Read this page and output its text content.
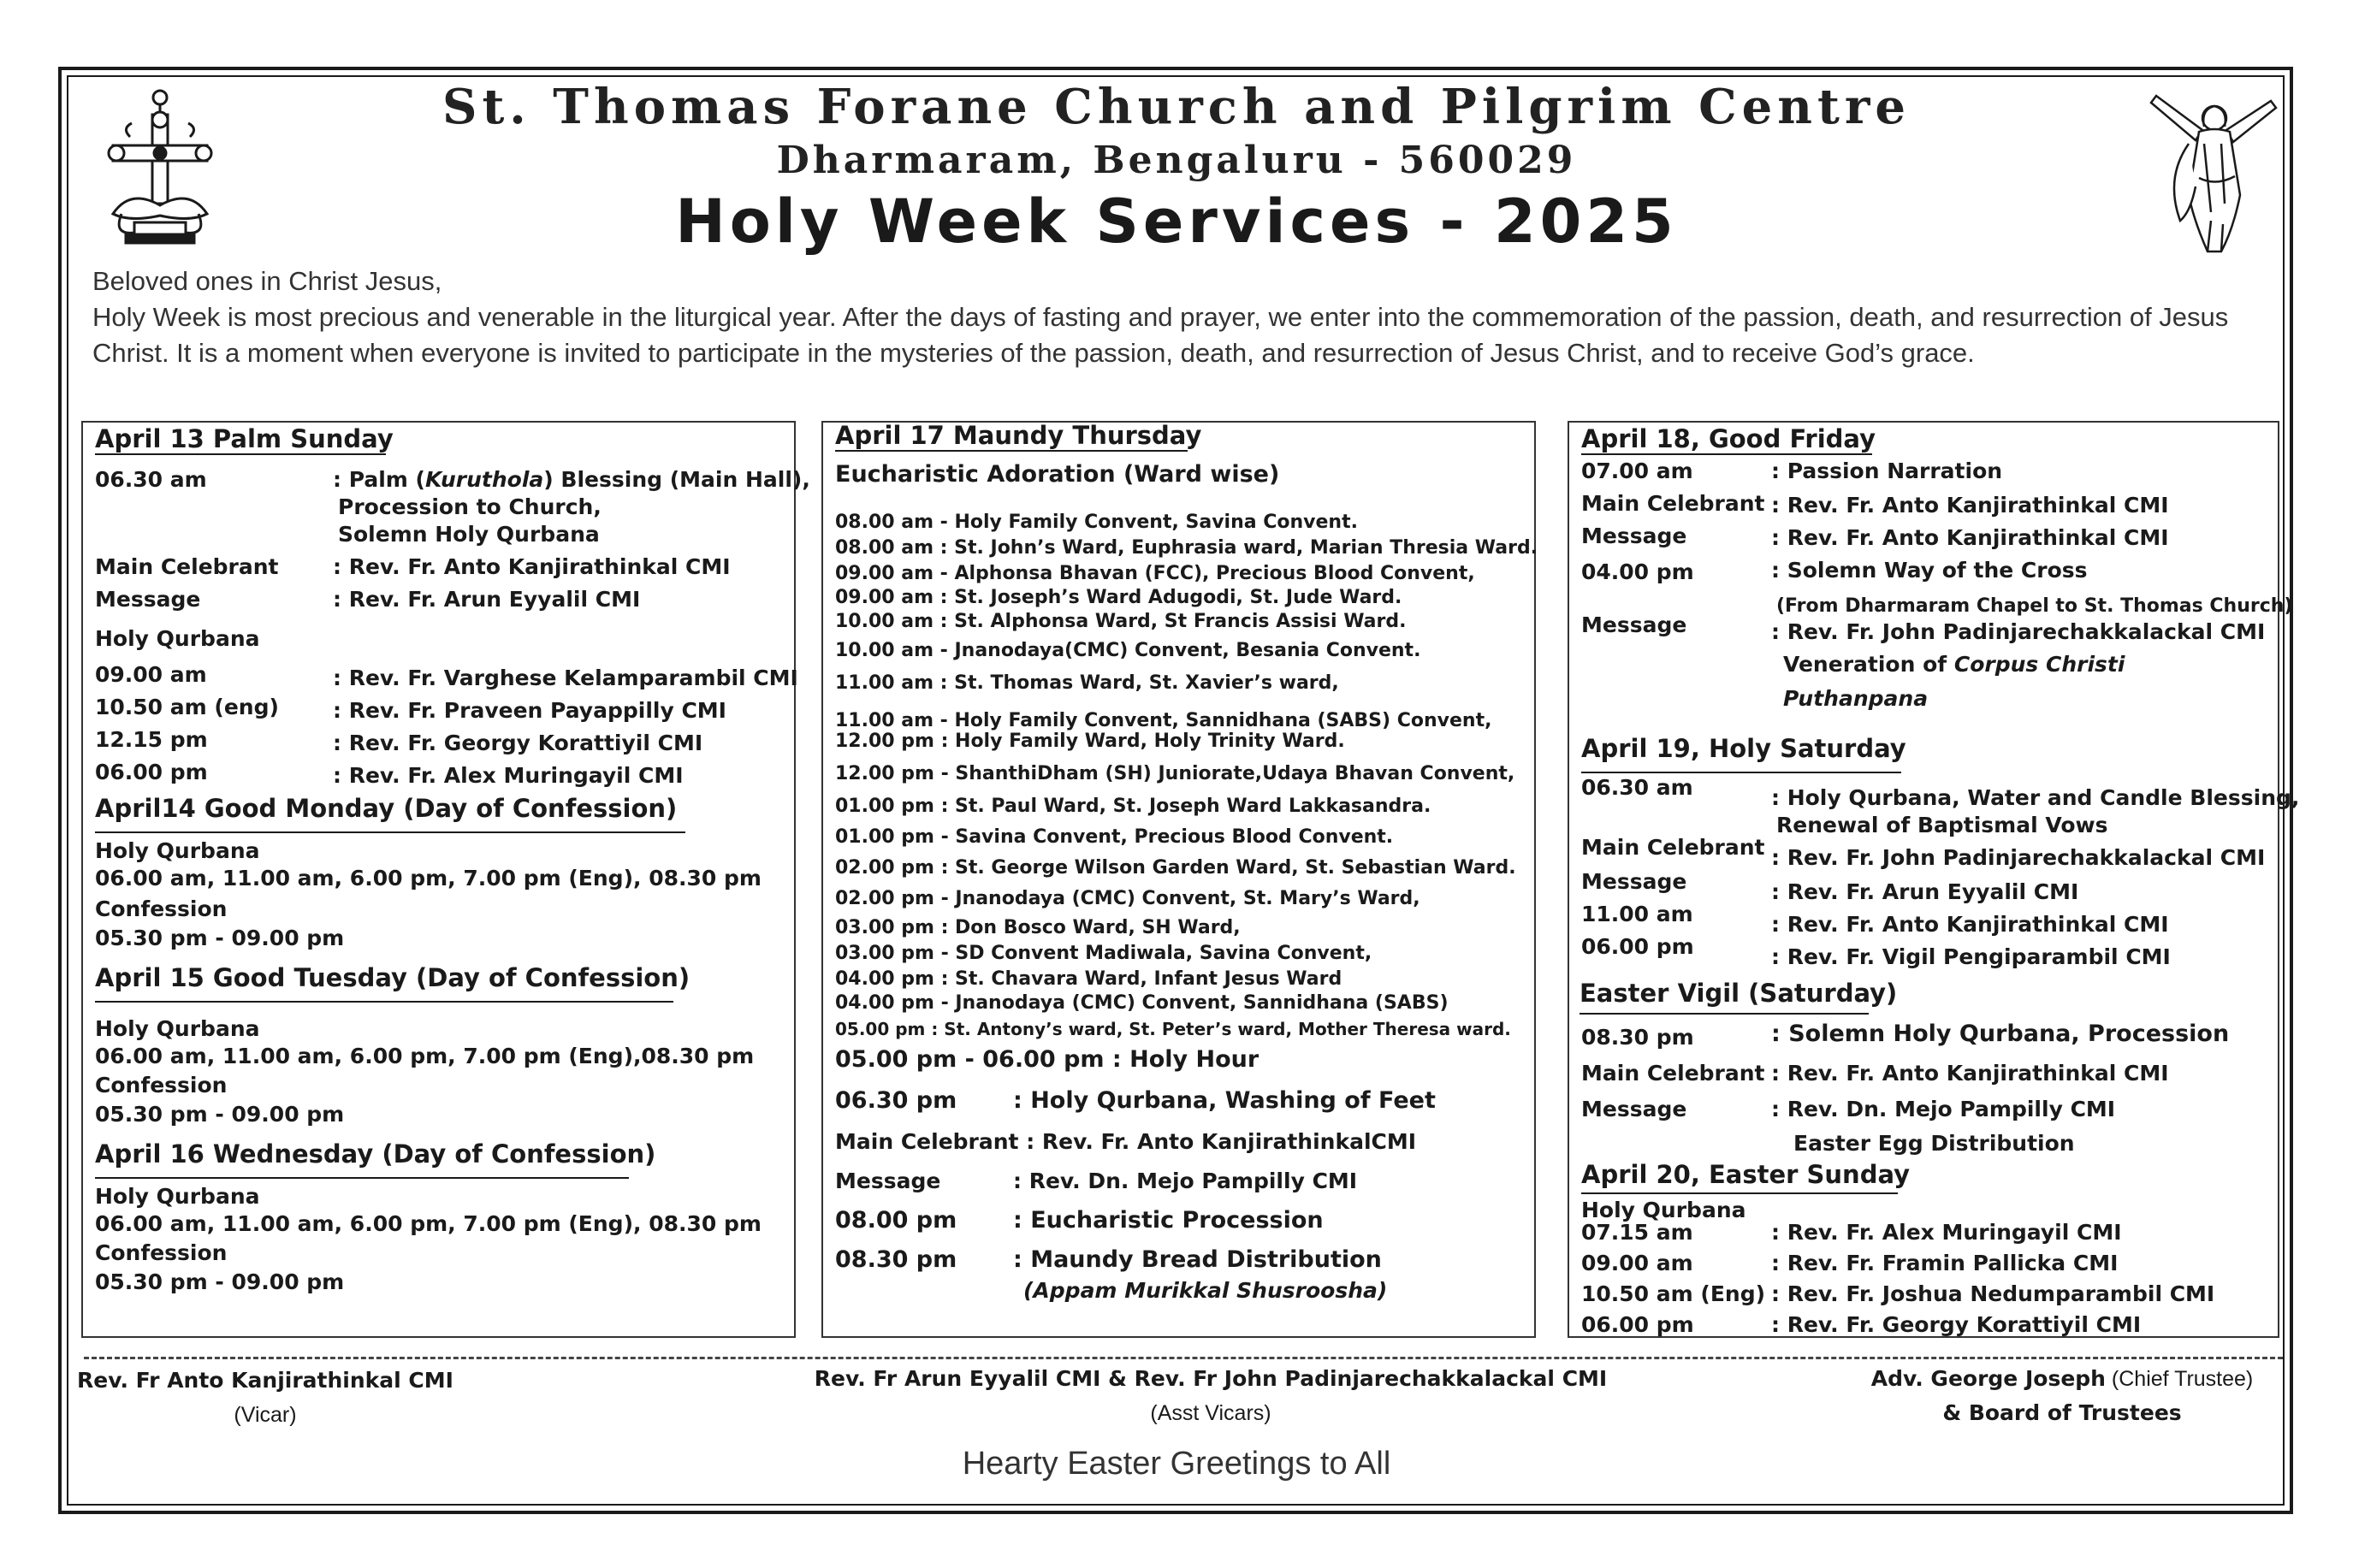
St. Thomas Forane Church and Pilgrim Centre
Dharmaram, Bengaluru - 560029
Holy Week Services - 2025

Beloved ones in Christ Jesus,

Holy Week is most precious and venerable in the liturgical year. After the days of fasting and prayer, we enter into the commemoration of the passion, death, and resurrection of Jesus Christ. It is a moment when everyone is invited to participate in the mysteries of the passion, death, and resurrection of Jesus Christ, and to receive God’s grace.

April 13 Palm Sunday
06.30 am	: Palm (Kuruthola) Blessing (Main Hall),
Procession to Church,
Solemn Holy Qurbana
Main Celebrant	: Rev. Fr. Anto Kanjirathinkal CMI
Message	: Rev. Fr. Arun Eyyalil CMI
Holy Qurbana
09.00 am	: Rev. Fr. Varghese Kelamparambil CMI
10.50 am (eng)	: Rev. Fr. Praveen Payappilly CMI
12.15 pm	: Rev. Fr. Georgy Korattiyil CMI
06.00 pm	: Rev. Fr. Alex Muringayil CMI
April14 Good Monday (Day of Confession)
Holy Qurbana
06.00 am, 11.00 am, 6.00 pm, 7.00 pm (Eng), 08.30 pm
Confession
05.30 pm - 09.00 pm
April 15 Good Tuesday (Day of Confession)
Holy Qurbana
06.00 am, 11.00 am, 6.00 pm, 7.00 pm (Eng),08.30 pm
Confession
05.30 pm - 09.00 pm
April 16 Wednesday (Day of Confession)
Holy Qurbana
06.00 am, 11.00 am, 6.00 pm, 7.00 pm (Eng), 08.30 pm
Confession
05.30 pm - 09.00 pm
April 17 Maundy Thursday
Eucharistic Adoration (Ward wise)
08.00 am - Holy Family Convent, Savina Convent.
08.00 am : St. John’s Ward, Euphrasia ward, Marian Thresia Ward.
09.00 am - Alphonsa Bhavan (FCC), Precious Blood Convent,
09.00 am : St. Joseph’s Ward Adugodi, St. Jude Ward.
10.00 am : St. Alphonsa Ward, St Francis Assisi Ward.
10.00 am - Jnanodaya(CMC) Convent, Besania Convent.
11.00 am : St. Thomas Ward, St. Xavier’s ward,
11.00 am - Holy Family Convent, Sannidhana (SABS) Convent,
12.00 pm : Holy Family Ward, Holy Trinity Ward.
12.00 pm - ShanthiDham (SH) Juniorate,Udaya Bhavan Convent,
01.00 pm : St. Paul Ward, St. Joseph Ward Lakkasandra.
01.00 pm - Savina Convent, Precious Blood Convent.
02.00 pm : St. George Wilson Garden Ward, St. Sebastian Ward.
02.00 pm - Jnanodaya (CMC) Convent, St. Mary’s Ward,
03.00 pm : Don Bosco Ward, SH Ward,
03.00 pm - SD Convent Madiwala, Savina Convent,
04.00 pm : St. Chavara Ward, Infant Jesus Ward
04.00 pm - Jnanodaya (CMC) Convent, Sannidhana (SABS)
05.00 pm : St. Antony’s ward, St. Peter’s ward, Mother Theresa ward.
05.00 pm - 06.00 pm : Holy Hour
06.30 pm : Holy Qurbana, Washing of Feet
Main Celebrant : Rev. Fr. Anto KanjirathinkalCMI
Message	: Rev. Dn. Mejo Pampilly CMI
08.00 pm : Eucharistic Procession
08.30 pm : Maundy Bread Distribution
(Appam Murikkal Shusroosha)
April 18, Good Friday
07.00 am	: Passion Narration
Main Celebrant : Rev. Fr. Anto Kanjirathinkal CMI
Message	: Rev. Fr. Anto Kanjirathinkal CMI
04.00 pm	: Solemn Way of the Cross
(From Dharmaram Chapel to St. Thomas Church)
Message	: Rev. Fr. John Padinjarechakkalackal CMI
Veneration of Corpus Christi
Puthanpana
April 19, Holy Saturday
06.30 am	: Holy Qurbana, Water and Candle Blessing,
Renewal of Baptismal Vows
Main Celebrant : Rev. Fr. John Padinjarechakkalackal CMI
Message	: Rev. Fr. Arun Eyyalil CMI
11.00 am	: Rev. Fr. Anto Kanjirathinkal CMI
06.00 pm	: Rev. Fr. Vigil Pengiparambil CMI
Easter Vigil (Saturday)
08.30 pm	: Solemn Holy Qurbana, Procession
Main Celebrant : Rev. Fr. Anto Kanjirathinkal CMI
Message	: Rev. Dn. Mejo Pampilly CMI
Easter Egg Distribution
April 20, Easter Sunday
Holy Qurbana
07.15 am	: Rev. Fr. Alex Muringayil CMI
09.00 am	: Rev. Fr. Framin Pallicka CMI
10.50 am (Eng) : Rev. Fr. Joshua Nedumparambil CMI
06.00 pm	: Rev. Fr. Georgy Korattiyil CMI
Rev. Fr Anto Kanjirathinkal CMI
(Vicar)
Rev. Fr Arun Eyyalil CMI & Rev. Fr John Padinjarechakkalackal CMI
(Asst Vicars)
Adv. George Joseph (Chief Trustee)
& Board of Trustees
Hearty Easter Greetings to All
